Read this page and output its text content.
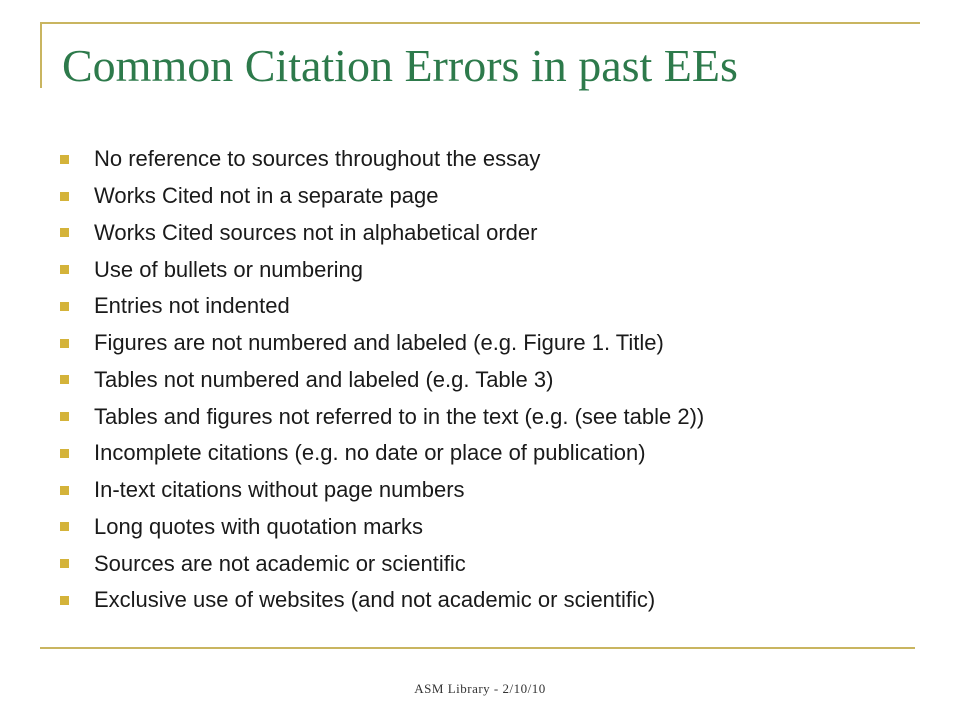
Common Citation Errors in past EEs
No reference to sources throughout the essay
Works Cited not in a separate page
Works Cited sources not in alphabetical order
Use of bullets or numbering
Entries not indented
Figures are not numbered and labeled (e.g. Figure 1. Title)
Tables not numbered and labeled (e.g. Table 3)
Tables and figures not referred to in the text (e.g. (see table 2))
Incomplete citations (e.g. no date or place of publication)
In-text citations without page numbers
Long quotes with quotation marks
Sources are not academic or scientific
Exclusive use of websites (and not academic or scientific)
ASM Library - 2/10/10
